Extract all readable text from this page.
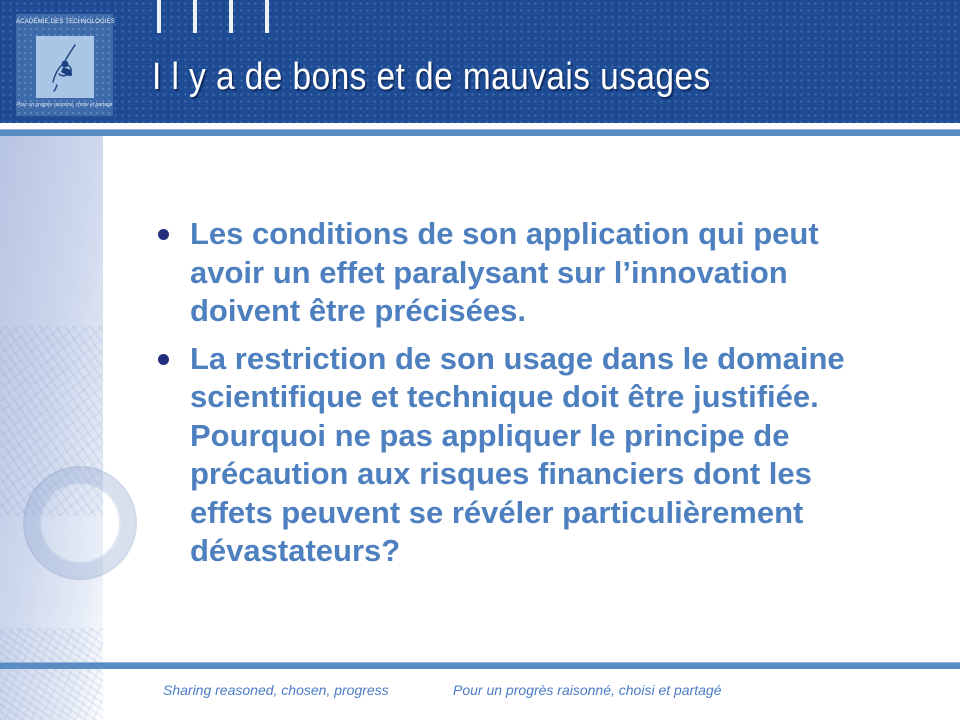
ACADÉMIE DES TECHNOLOGIES
Pour un progrès raisonné, choisi et partagé
I l y a de bons et de mauvais usages
Les conditions de son application qui peut avoir un effet paralysant sur l’innovation doivent être précisées.
La restriction de son usage dans le domaine scientifique et technique doit être justifiée. Pourquoi ne pas appliquer le principe de précaution aux risques financiers dont les effets peuvent se révéler particulièrement dévastateurs?
Sharing reasoned, chosen, progress	Pour un progrès raisonné, choisi et partagé
